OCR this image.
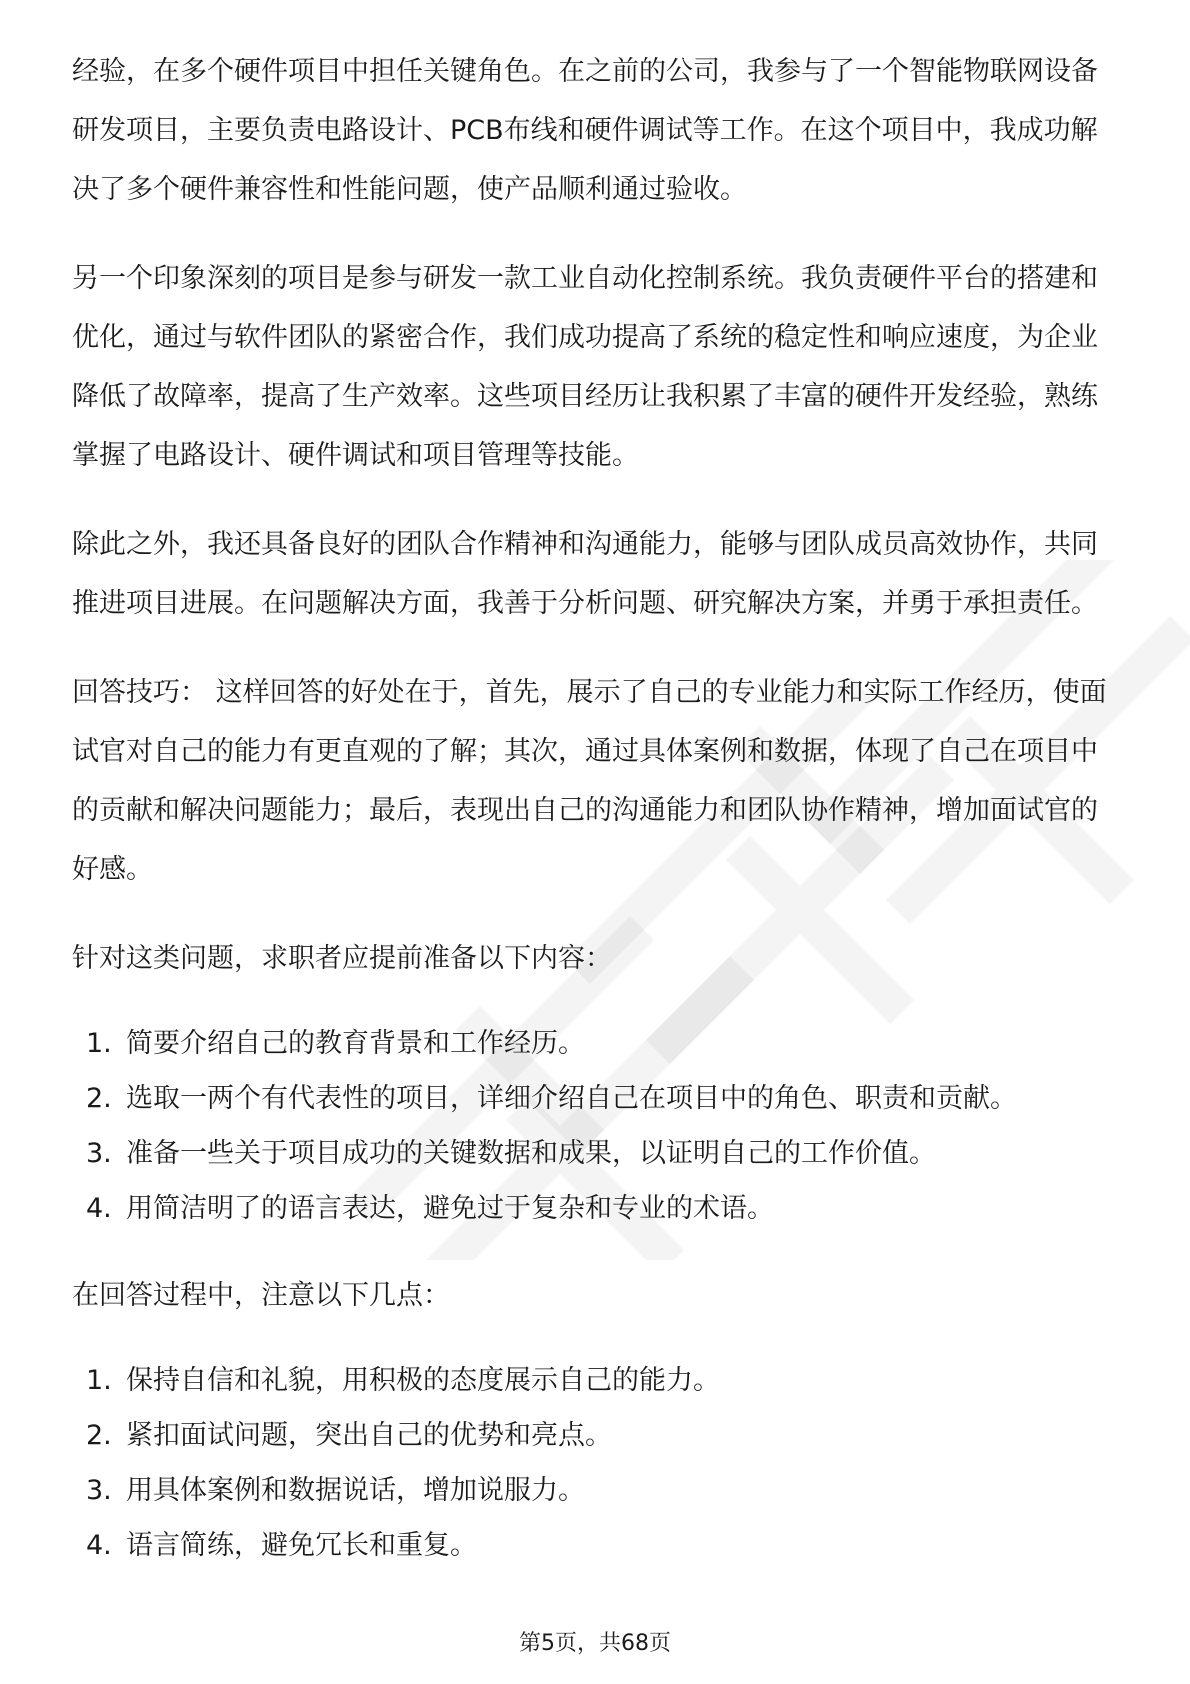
经验，在多个硬件项目中担任关键角色。在之前的公司，我参与了一个智能物联网设备研发项目，主要负责电路设计、PCB布线和硬件调试等工作。在这个项目中，我成功解决了多个硬件兼容性和性能问题，使产品顺利通过验收。

另一个印象深刻的项目是参与研发一款工业自动化控制系统。我负责硬件平台的搭建和优化，通过与软件团队的紧密合作，我们成功提高了系统的稳定性和响应速度，为企业降低了故障率，提高了生产效率。这些项目经历让我积累了丰富的硬件开发经验，熟练掌握了电路设计、硬件调试和项目管理等技能。

除此之外，我还具备良好的团队合作精神和沟通能力，能够与团队成员高效协作，共同推进项目进展。在问题解决方面，我善于分析问题、研究解决方案，并勇于承担责任。

回答技巧： 这样回答的好处在于，首先，展示了自己的专业能力和实际工作经历，使面试官对自己的能力有更直观的了解；其次，通过具体案例和数据，体现了自己在项目中的贡献和解决问题能力；最后，表现出自己的沟通能力和团队协作精神，增加面试官的好感。

针对这类问题，求职者应提前准备以下内容：

1. 简要介绍自己的教育背景和工作经历。
2. 选取一两个有代表性的项目，详细介绍自己在项目中的角色、职责和贡献。
3. 准备一些关于项目成功的关键数据和成果，以证明自己的工作价值。
4. 用简洁明了的语言表达，避免过于复杂和专业的术语。

在回答过程中，注意以下几点：

1. 保持自信和礼貌，用积极的态度展示自己的能力。
2. 紧扣面试问题，突出自己的优势和亮点。
3. 用具体案例和数据说话，增加说服力。
4. 语言简练，避免冗长和重复。
第5页，共68页
